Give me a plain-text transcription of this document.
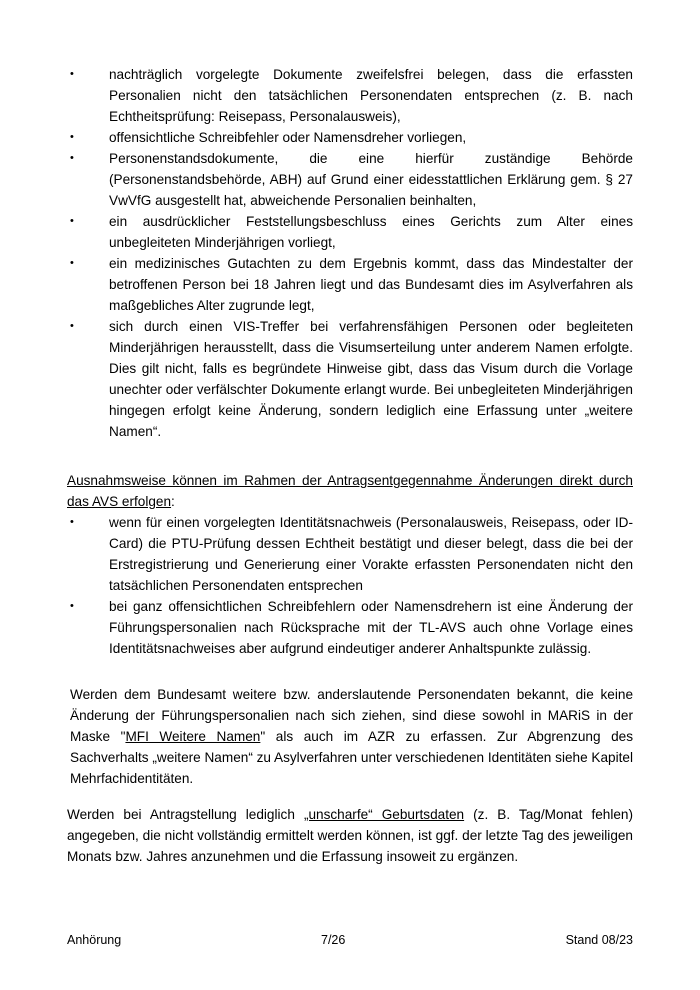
•	nachträglich vorgelegte Dokumente zweifelsfrei belegen, dass die erfassten Personalien nicht den tatsächlichen Personendaten entsprechen (z. B. nach Echtheitsprüfung: Reisepass, Personalausweis),
•	offensichtliche Schreibfehler oder Namensdreher vorliegen,
•	Personenstandsdokumente, die eine hierfür zuständige Behörde (Personenstandsbehörde, ABH) auf Grund einer eidesstattlichen Erklärung gem. § 27 VwVfG ausgestellt hat, abweichende Personalien beinhalten,
•	ein ausdrücklicher Feststellungsbeschluss eines Gerichts zum Alter eines unbegleiteten Minderjährigen vorliegt,
•	ein medizinisches Gutachten zu dem Ergebnis kommt, dass das Mindestalter der betroffenen Person bei 18 Jahren liegt und das Bundesamt dies im Asylverfahren als maßgebliches Alter zugrunde legt,
•	sich durch einen VIS-Treffer bei verfahrensfähigen Personen oder begleiteten Minderjährigen herausstellt, dass die Visumserteilung unter anderem Namen erfolgte. Dies gilt nicht, falls es begründete Hinweise gibt, dass das Visum durch die Vorlage unechter oder verfälschter Dokumente erlangt wurde. Bei unbegleiteten Minderjährigen hingegen erfolgt keine Änderung, sondern lediglich eine Erfassung unter „weitere Namen“.
Ausnahmsweise können im Rahmen der Antragsentgegennahme Änderungen direkt durch das AVS erfolgen:
•	wenn für einen vorgelegten Identitätsnachweis (Personalausweis, Reisepass, oder ID-Card) die PTU-Prüfung dessen Echtheit bestätigt und dieser belegt, dass die bei der Erstregistrierung und Generierung einer Vorakte erfassten Personendaten nicht den tatsächlichen Personendaten entsprechen
•	bei ganz offensichtlichen Schreibfehlern oder Namensdrehern ist eine Änderung der Führungspersonalien nach Rücksprache mit der TL-AVS auch ohne Vorlage eines Identitätsnachweises aber aufgrund eindeutiger anderer Anhaltspunkte zulässig.
Werden dem Bundesamt weitere bzw. anderslautende Personendaten bekannt, die keine Änderung der Führungspersonalien nach sich ziehen, sind diese sowohl in MARiS in der Maske "MFI Weitere Namen" als auch im AZR zu erfassen. Zur Abgrenzung des Sachverhalts „weitere Namen“ zu Asylverfahren unter verschiedenen Identitäten siehe Kapitel Mehrfachidentitäten.
Werden bei Antragstellung lediglich „unscharfe“ Geburtsdaten (z. B. Tag/Monat fehlen) angegeben, die nicht vollständig ermittelt werden können, ist ggf. der letzte Tag des jeweiligen Monats bzw. Jahres anzunehmen und die Erfassung insoweit zu ergänzen.
Anhörung	7/26	Stand 08/23
